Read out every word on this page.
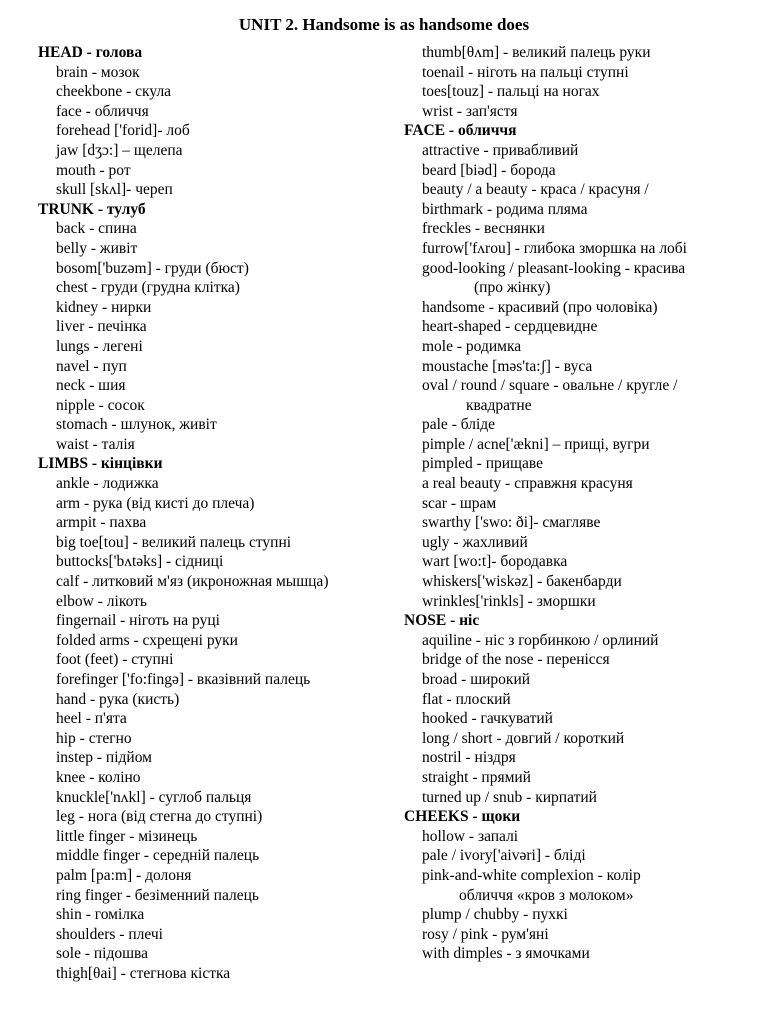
UNIT 2. Handsome is as handsome does
HEAD - голова
brain - мозок
cheekbone - скула
face - обличчя
forehead ['forid]- лоб
jaw [dʒɔ:] – щелепа
mouth - рот
skull [skʌl]- череп
TRUNK - тулуб
back - спина
belly - живіт
bosom['buzəm] - груди (бюст)
chest - груди (грудна клітка)
kidney - нирки
liver - печінка
lungs - легені
navel - пуп
neck - шия
nipple - сосок
stomach - шлунок, живіт
waist - талія
LIMBS - кінцівки
ankle - лодижка
arm - рука (від кисті до плеча)
armpit - пахва
big toe[tou] - великий палець ступні
buttocks['bʌtəks] - сідниці
calf - литковий м'яз (икроножная мышца)
elbow - лікоть
fingernail - ніготь на руці
folded arms - схрещені руки
foot (feet) - ступні
forefinger ['fo:fingə] - вказівний палець
hand - рука (кисть)
heel - п'ята
hip - стегно
instep - підйом
knee - коліно
knuckle['nʌkl] - суглоб пальця
leg - нога (від стегна до ступні)
little finger - мізинець
middle finger - середній палець
palm [pa:m] - долоня
ring finger - безіменний палець
shin - гомілка
shoulders - плечі
sole - підошва
thigh[θai] - стегнова кістка
thumb[θʌm] - великий палець руки
toenail - ніготь на пальці ступні
toes[touz] - пальці на ногах
wrist - зап'ястя
FACE - обличчя
attractive - привабливий
beard [biəd] - борода
beauty / a beauty - краса / красуня /
birthmark - родима пляма
freckles - веснянки
furrow['fʌrou] - глибока зморшка на лобі
good-looking / pleasant-looking - красива
(про жінку)
handsome - красивий (про чоловіка)
heart-shaped - сердцевидне
mole - родимка
moustache [məs'ta:ʃ] - вуса
oval / round / square - овальне / кругле /
квадратне
pale - бліде
pimple / acne['ækni] – прищі, вугри
pimpled - прищаве
a real beauty - справжня красуня
scar - шрам
swarthy ['swo: ði]- смагляве
ugly - жахливий
wart [wo:t]- бородавка
whiskers['wiskəz] - бакенбарди
wrinkles['rinkls] - зморшки
NOSE - ніс
aquiline - ніс з горбинкою / орлиний
bridge of the nose - перенісся
broad - широкий
flat - плоский
hooked - гачкуватий
long / short - довгий / короткий
nostril - ніздря
straight - прямий
turned up / snub - кирпатий
CHEEKS - щоки
hollow - запалі
pale / ivory['aivəri] - бліді
pink-and-white complexion - колір
обличчя «кров з молоком»
plump / chubby - пухкі
rosy / pink - рум'яні
with dimples - з ямочками
